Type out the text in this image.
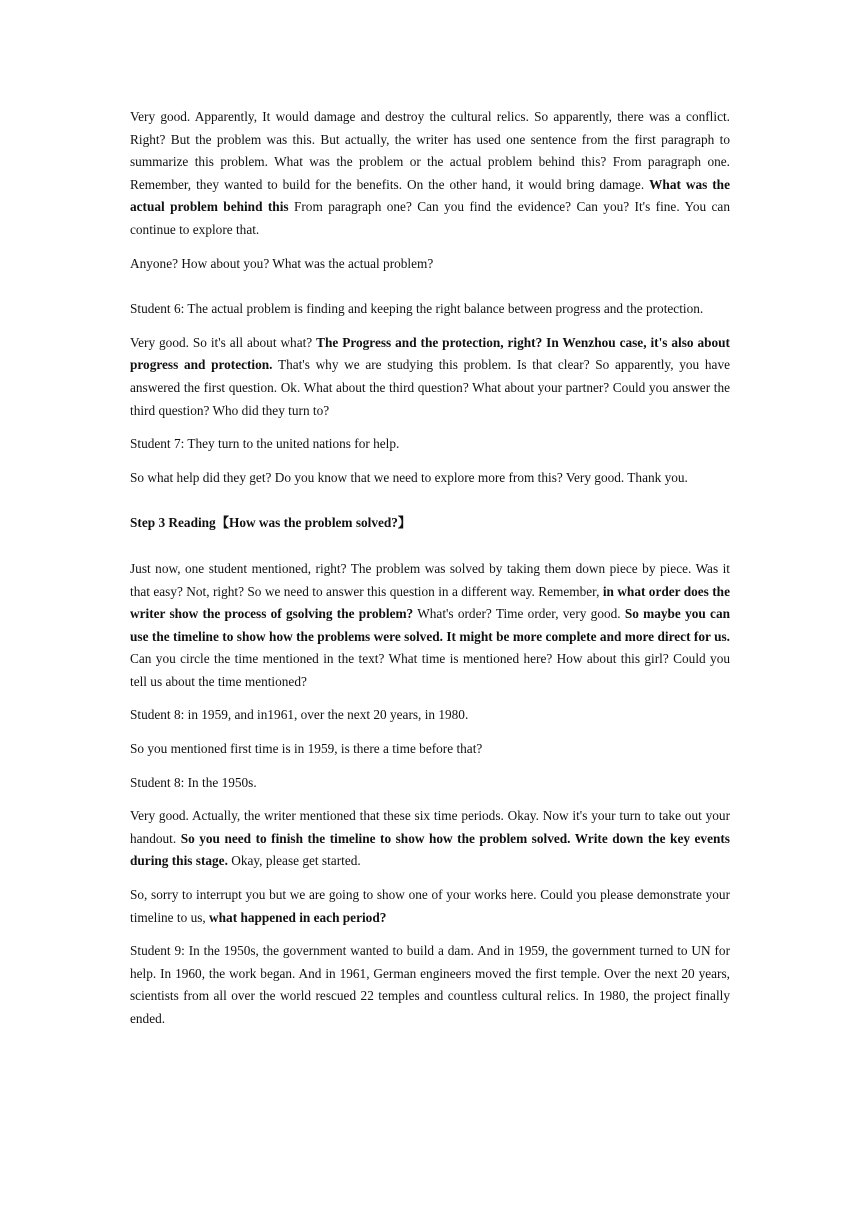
Very good. Apparently, It would damage and destroy the cultural relics. So apparently, there was a conflict. Right? But the problem was this. But actually, the writer has used one sentence from the first paragraph to summarize this problem. What was the problem or the actual problem behind this? From paragraph one. Remember, they wanted to build for the benefits. On the other hand, it would bring damage. What was the actual problem behind this From paragraph one? Can you find the evidence? Can you? It's fine. You can continue to explore that.

Anyone? How about you? What was the actual problem?

Student 6: The actual problem is finding and keeping the right balance between progress and the protection.

Very good. So it's all about what? The Progress and the protection, right? In Wenzhou case, it's also about progress and protection. That's why we are studying this problem. Is that clear? So apparently, you have answered the first question. Ok. What about the third question? What about your partner? Could you answer the third question? Who did they turn to?

Student 7: They turn to the united nations for help.

So what help did they get? Do you know that we need to explore more from this? Very good. Thank you.

Step 3 Reading【How was the problem solved?】

Just now, one student mentioned, right? The problem was solved by taking them down piece by piece. Was it that easy? Not, right? So we need to answer this question in a different way. Remember, in what order does the writer show the process of gsolving the problem? What's order? Time order, very good. So maybe you can use the timeline to show how the problems were solved. It might be more complete and more direct for us. Can you circle the time mentioned in the text? What time is mentioned here? How about this girl? Could you tell us about the time mentioned?

Student 8: in 1959, and in1961, over the next 20 years, in 1980.

So you mentioned first time is in 1959, is there a time before that?

Student 8: In the 1950s.

Very good. Actually, the writer mentioned that these six time periods. Okay. Now it's your turn to take out your handout. So you need to finish the timeline to show how the problem solved. Write down the key events during this stage. Okay, please get started.

So, sorry to interrupt you but we are going to show one of your works here. Could you please demonstrate your timeline to us, what happened in each period?

Student 9: In the 1950s, the government wanted to build a dam. And in 1959, the government turned to UN for help. In 1960, the work began. And in 1961, German engineers moved the first temple. Over the next 20 years, scientists from all over the world rescued 22 temples and countless cultural relics. In 1980, the project finally ended.
